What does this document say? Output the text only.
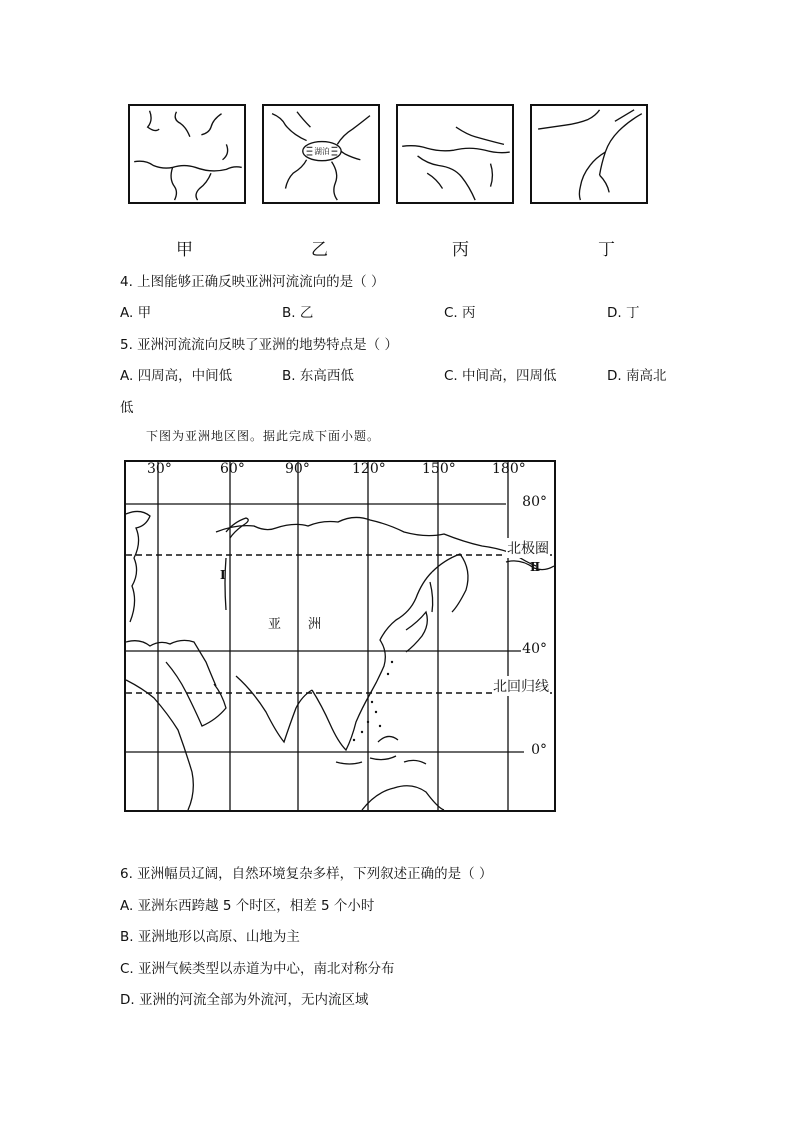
湖泊
甲	乙	丙	丁
4. 上图能够正确反映亚洲河流流向的是（ ）
A. 甲	B. 乙	C. 丙	D. 丁
5. 亚洲河流流向反映了亚洲的地势特点是（ ）
A. 四周高，中间低	B. 东高西低	C. 中间高，四周低	D. 南高北
低
下图为亚洲地区图。据此完成下面小题。
亚 洲
Ⅰ
Ⅱ
80°
北极圈
40°
北回归线
0°
30°	60°	90°	120°	150°	180°
6. 亚洲幅员辽阔，自然环境复杂多样，下列叙述正确的是（ ）
A. 亚洲东西跨越 5 个时区，相差 5 个小时
B. 亚洲地形以高原、山地为主
C. 亚洲气候类型以赤道为中心，南北对称分布
D. 亚洲的河流全部为外流河，无内流区域
